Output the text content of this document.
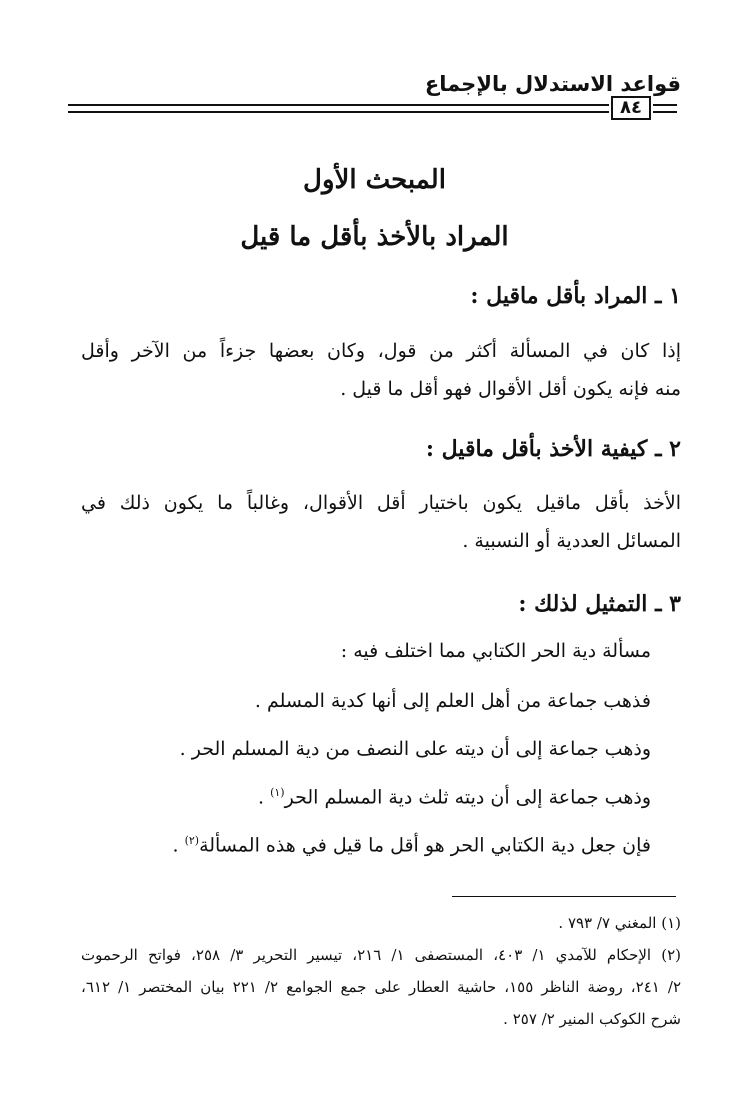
قواعد الاستدلال بالإجماع
٨٤
المبحث الأول
المراد بالأخذ بأقل ما قيل
١ ـ المراد بأقل ماقيل :
إذا كان في المسألة أكثر من قول، وكان بعضها جزءاً من الآخر وأقل
منه فإنه يكون أقل الأقوال فهو أقل ما قيل .
٢ ـ كيفية الأخذ بأقل ماقيل :
الأخذ بأقل ماقيل يكون باختيار أقل الأقوال، وغالباً ما يكون ذلك في
المسائل العددية أو النسبية .
٣ ـ التمثيل لذلك :
مسألة دية الحر الكتابي مما اختلف فيه :
فذهب جماعة من أهل العلم إلى أنها كدية المسلم .
وذهب جماعة إلى أن ديته على النصف من دية المسلم الحر .
وذهب جماعة إلى أن ديته ثلث دية المسلم الحر$^{(١)}$ .
فإن جعل دية الكتابي الحر هو أقل ما قيل في هذه المسألة$^{(٢)}$ .
(١) المغني ٧/ ٧٩٣ .
(٢) الإحكام للآمدي ١/ ٤٠٣، المستصفى ١/ ٢١٦، تيسير التحرير ٣/ ٢٥٨، فواتح الرحموت
٢/ ٢٤١، روضة الناظر ١٥٥، حاشية العطار على جمع الجوامع ٢/ ٢٢١ بيان المختصر ١/ ٦١٢،
شرح الكوكب المنير ٢/ ٢٥٧ .
